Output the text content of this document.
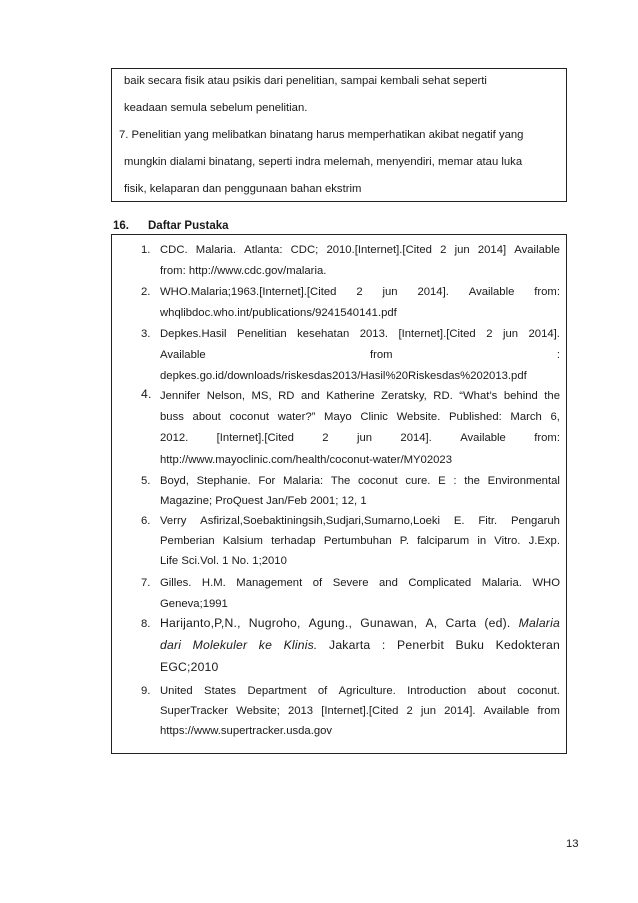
baik secara fisik atau psikis dari penelitian, sampai kembali sehat seperti
keadaan semula sebelum penelitian.
7. Penelitian yang melibatkan binatang harus memperhatikan akibat negatif yang
mungkin dialami binatang, seperti indra melemah, menyendiri, memar atau luka
fisik, kelaparan dan penggunaan bahan ekstrim
16. Daftar Pustaka
1. CDC. Malaria. Atlanta: CDC; 2010.[Internet].[Cited 2 jun 2014] Available
from: http://www.cdc.gov/malaria.
2. WHO.Malaria;1963.[Internet].[Cited 2 jun 2014]. Available from:
whqlibdoc.who.int/publications/9241540141.pdf
3. Depkes.Hasil Penelitian kesehatan 2013. [Internet].[Cited 2 jun 2014].
Available	from	:
depkes.go.id/downloads/riskesdas2013/Hasil%20Riskesdas%202013.pdf
4. Jennifer Nelson, MS, RD and Katherine Zeratsky, RD. “What’s behind the
buss about coconut water?” Mayo Clinic Website. Published: March 6,
2012.	[Internet].[Cited	2	jun	2014].	Available	from:
http://www.mayoclinic.com/health/coconut-water/MY02023
5. Boyd, Stephanie. For Malaria: The coconut cure. E : the Environmental
Magazine; ProQuest Jan/Feb 2001; 12, 1
6. Verry Asfirizal,Soebaktiningsih,Sudjari,Sumarno,Loeki E. Fitr. Pengaruh
Pemberian Kalsium terhadap Pertumbuhan P. falciparum in Vitro. J.Exp.
Life Sci.Vol. 1 No. 1;2010
7. Gilles. H.M. Management of Severe and Complicated Malaria. WHO
Geneva;1991
8. Harijanto,P,N., Nugroho, Agung., Gunawan, A, Carta (ed). Malaria
dari Molekuler ke Klinis. Jakarta : Penerbit Buku Kedokteran
EGC;2010
9. United States Department of Agriculture. Introduction about coconut.
SuperTracker Website; 2013 [Internet].[Cited 2 jun 2014]. Available from
https://www.supertracker.usda.gov
13
